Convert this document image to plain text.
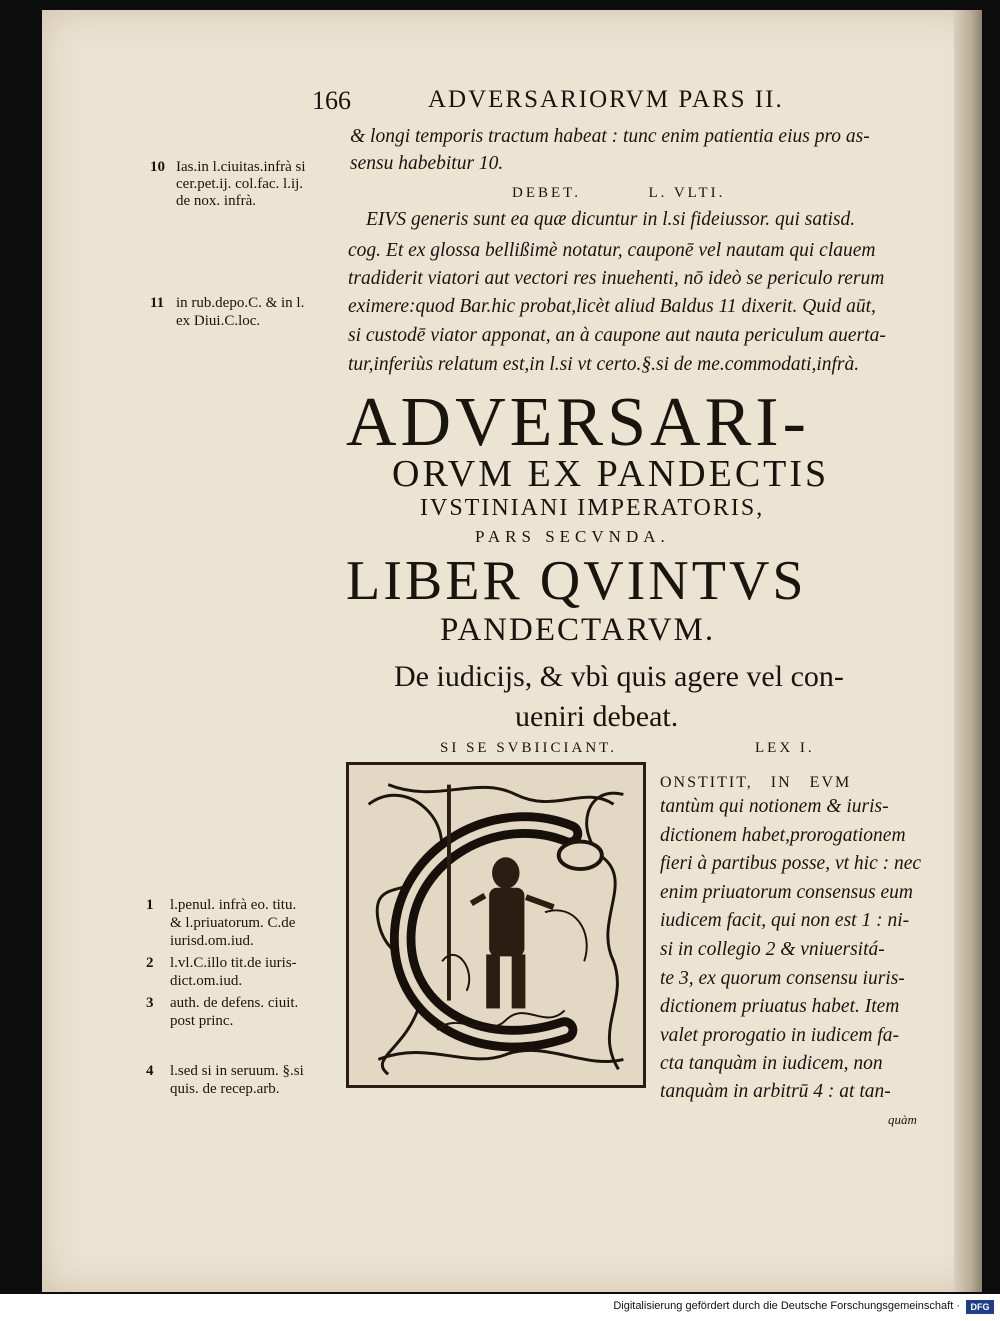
166	ADVERSARIORVM PARS II.
& longi temporis tractum habeat : tunc enim patientia eius pro as-
sensu habebitur 10.
DEBET.          L. VLTI.
EIVS generis sunt ea quæ dicuntur in l.si fideiussor. qui satisd.
cog. Et ex glossa bellißimè notatur, cauponē vel nautam qui clauem
tradiderit viatori aut vectori res inuehenti, nō ideò se periculo rerum
eximere:quod Bar.hic probat,licèt aliud Baldus 11 dixerit. Quid aūt,
si custodē viator apponat, an à caupone aut nauta periculum auerta-
tur,inferiùs relatum est,in l.si vt certo.§.si de me.commodati,infrà.
10 Ias.in l.ciuitas.infrà si
cer.pet.ij. col.fac. l.ij.
de nox. infrà.
11 in rub.depo.C. & in l.
ex Diui.C.loc.
ADVERSARI-
ORVM EX PANDECTIS
IVSTINIANI IMPERATORIS,
PARS SECVNDA.
LIBER QVINTVS
PANDECTARVM.
De iudicijs, & vbì quis agere vel con-
ueniri debeat.
SI SE SVBIICIANT.	LEX I.
ONSTITIT,   IN   EVM
tantùm qui notionem & iuris-
dictionem habet,prorogationem
fieri à partibus posse, vt hic : nec
enim priuatorum consensus eum
iudicem facit, qui non est 1 : ni-
si in collegio 2 & vniuersitá-
te 3, ex quorum consensu iuris-
dictionem priuatus habet. Item
valet prorogatio in iudicem fa-
cta tanquàm in iudicem, non
tanquàm in arbitrū 4 : at tan-
quàm
1 l.penul. infrà eo. titu.
& l.priuatorum. C.de
iurisd.om.iud.
2 l.vl.C.illo tit.de iuris-
dict.om.iud.
3 auth. de defens. ciuit.
post princ.
4 l.sed si in seruum. §.si
quis. de recep.arb.
Digitalisierung gefördert durch die Deutsche Forschungsgemeinschaft ·	DFG
